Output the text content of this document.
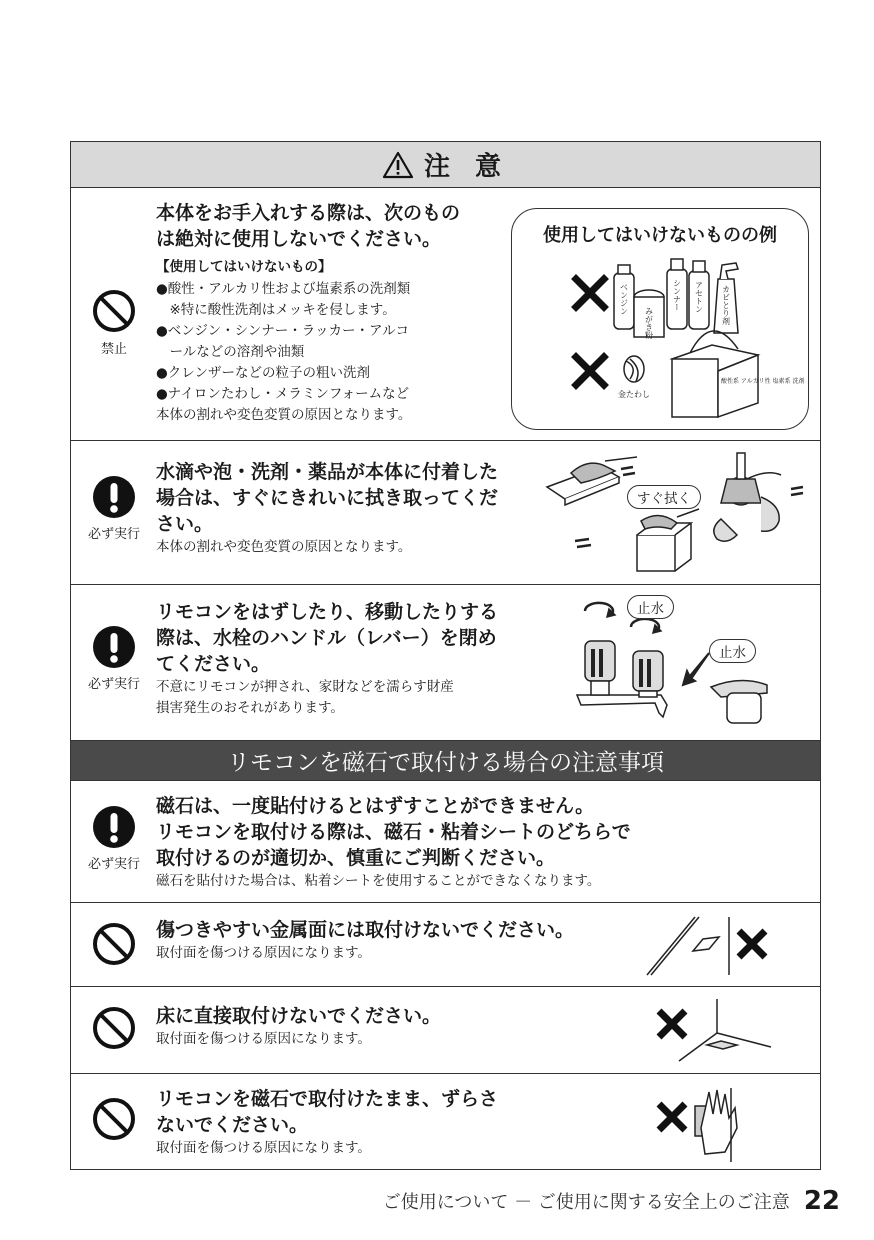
注 意
禁止
本体をお手入れする際は、次のもの
は絶対に使用しないでください。
【使用してはいけないもの】
●酸性・アルカリ性および塩素系の洗剤類
　※特に酸性洗剤はメッキを侵します。
●ベンジン・シンナー・ラッカー・アルコ
　ールなどの溶剤や油類
●クレンザーなどの粒子の粗い洗剤
●ナイロンたわし・メラミンフォームなど
本体の割れや変色変質の原因となります。
使用してはいけないものの例
ベンジン
みがき粉
シンナー アセトン カビとり剤
金たわし
酸性系 アルカリ性 塩素系 洗剤
必ず実行
水滴や泡・洗剤・薬品が本体に付着した
場合は、すぐにきれいに拭き取ってくだ
さい。
本体の割れや変色変質の原因となります。
すぐ拭く
必ず実行
リモコンをはずしたり、移動したりする
際は、水栓のハンドル（レバー）を閉め
てください。
不意にリモコンが押され、家財などを濡らす財産
損害発生のおそれがあります。
止水
止水
リモコンを磁石で取付ける場合の注意事項
必ず実行
磁石は、一度貼付けるとはずすことができません。
リモコンを取付ける際は、磁石・粘着シートのどちらで
取付けるのが適切か、慎重にご判断ください。
磁石を貼付けた場合は、粘着シートを使用することができなくなります。
傷つきやすい金属面には取付けないでください。
取付面を傷つける原因になります。
床に直接取付けないでください。
取付面を傷つける原因になります。
リモコンを磁石で取付けたまま、ずらさ
ないでください。
取付面を傷つける原因になります。
ご使用について － ご使用に関する安全上のご注意 22
